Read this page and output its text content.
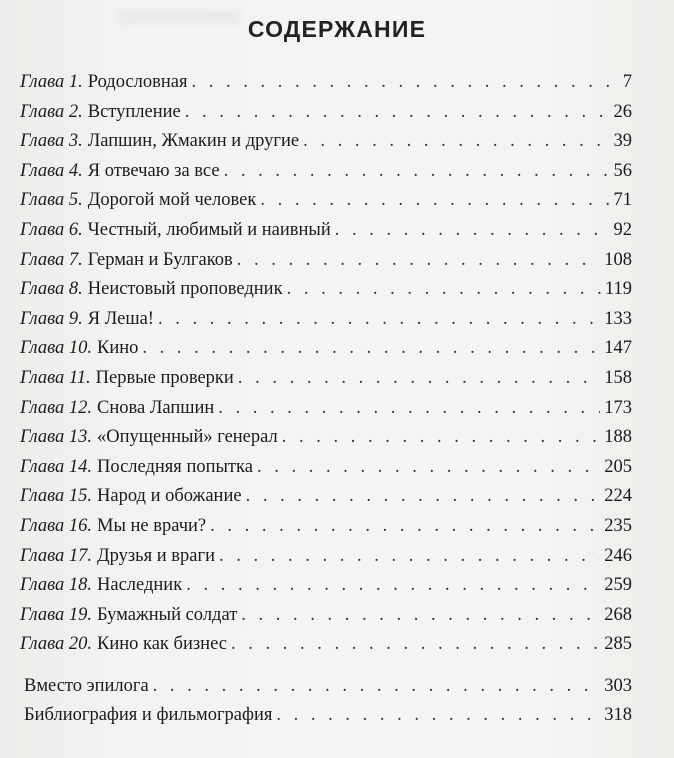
СОДЕРЖАНИЕ
Глава 1. Родословная . . .	7
Глава 2. Вступление . . .	26
Глава 3. Лапшин, Жмакин и другие . . .	39
Глава 4. Я отвечаю за все . . .	56
Глава 5. Дорогой мой человек . . .	71
Глава 6. Честный, любимый и наивный . . .	92
Глава 7. Герман и Булгаков . . .	108
Глава 8. Неистовый проповедник . . .	119
Глава 9. Я Леша! . . .	133
Глава 10. Кино . . .	147
Глава 11. Первые проверки . . .	158
Глава 12. Снова Лапшин . . .	173
Глава 13. «Опущенный» генерал . . .	188
Глава 14. Последняя попытка . . .	205
Глава 15. Народ и обожание . . .	224
Глава 16. Мы не врачи? . . .	235
Глава 17. Друзья и враги . . .	246
Глава 18. Наследник . . .	259
Глава 19. Бумажный солдат . . .	268
Глава 20. Кино как бизнес . . .	285
Вместо эпилога . . .	303
Библиография и фильмография . . .	318
